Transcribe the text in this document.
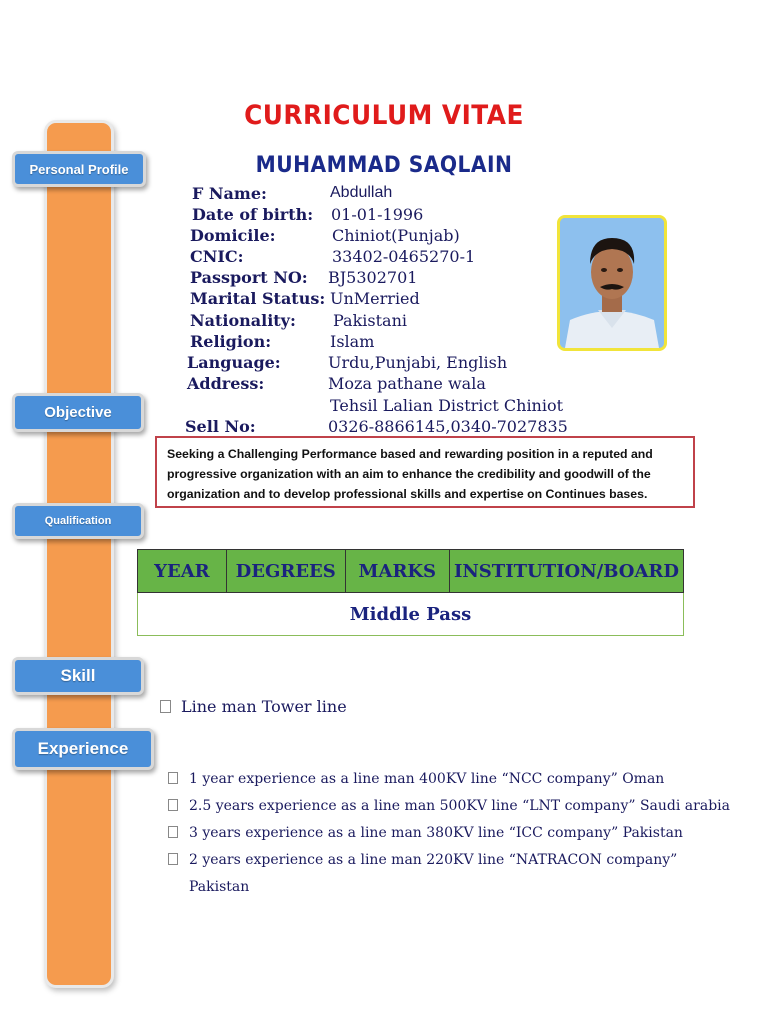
Personal Profile
Objective
Qualification
Skill
Experience
CURRICULUM VITAE
MUHAMMAD SAQLAIN
F Name:	Abdullah
Date of birth: 01-01-1996
Domicile:	Chiniot(Punjab)
CNIC:	33402-0465270-1
Passport NO: BJ5302701
Marital Status: UnMerried
Nationality: Pakistani
Religion:	Islam
Language:	Urdu,Punjabi, English
Address:	Moza pathane wala
Tehsil Lalian District Chiniot
Sell No:	0326-8866145,0340-7027835
Seeking a Challenging Performance based and rewarding position in a reputed and
progressive organization with an aim to enhance the credibility and goodwill of the
organization and to develop professional skills and expertise on Continues bases.
YEAR	DEGREES	MARKS	INSTITUTION/BOARD
Middle Pass
Line man Tower line
1 year experience as a line man 400KV line “NCC company” Oman
2.5 years experience as a line man 500KV line “LNT company” Saudi arabia
3 years experience as a line man 380KV line “ICC company” Pakistan
2 years experience as a line man 220KV line “NATRACON company”
Pakistan
